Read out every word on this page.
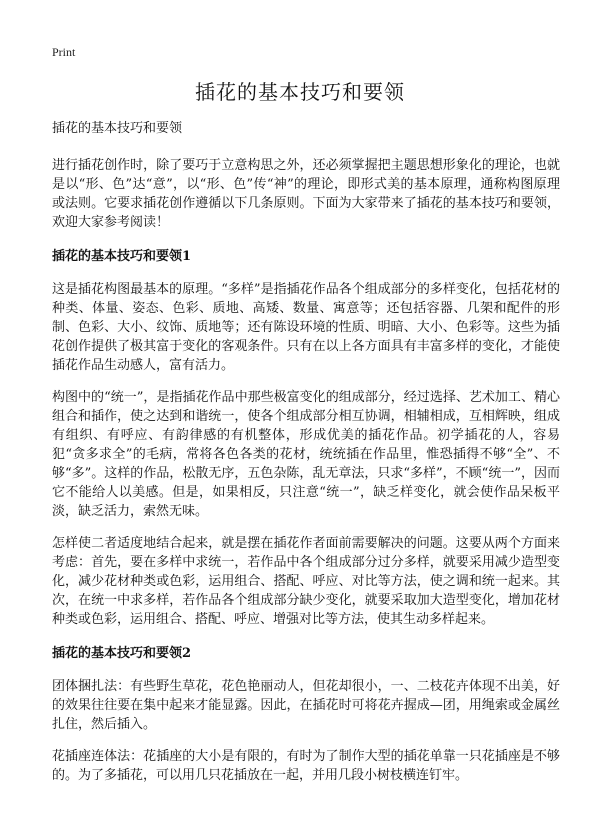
Print
插花的基本技巧和要领
插花的基本技巧和要领

进行插花创作时，除了要巧于立意构思之外，还必须掌握把主题思想形象化的理论，也就是以“形、色”达“意”，以“形、色”传“神”的理论，即形式美的基本原理，通称构图原理或法则。它要求插花创作遵循以下几条原则。下面为大家带来了插花的基本技巧和要领，欢迎大家参考阅读！

插花的基本技巧和要领1

这是插花构图最基本的原理。“多样”是指插花作品各个组成部分的多样变化，包括花材的种类、体量、姿态、色彩、质地、高矮、数量、寓意等；还包括容器、几架和配件的形制、色彩、大小、纹饰、质地等；还有陈设环境的性质、明暗、大小、色彩等。这些为插花创作提供了极其富于变化的客观条件。只有在以上各方面具有丰富多样的变化，才能使插花作品生动感人，富有活力。

构图中的“统一”，是指插花作品中那些极富变化的组成部分，经过选择、艺术加工、精心组合和插作，使之达到和谐统一，使各个组成部分相互协调，相辅相成，互相辉映，组成有组织、有呼应、有韵律感的有机整体，形成优美的插花作品。初学插花的人，容易犯“贪多求全”的毛病，常将各色各类的花材，统统插在作品里，惟恐插得不够“全”、不够“多”。这样的作品，松散无序，五色杂陈，乱无章法，只求“多样”，不顾“统一”，因而它不能给人以美感。但是，如果相反，只注意“统一”，缺乏样变化，就会使作品呆板平淡，缺乏活力，索然无味。

怎样使二者适度地结合起来，就是摆在插花作者面前需要解决的问题。这要从两个方面来考虑：首先，要在多样中求统一，若作品中各个组成部分过分多样，就要采用减少造型变化，减少花材种类或色彩，运用组合、搭配、呼应、对比等方法，使之调和统一起来。其次，在统一中求多样，若作品各个组成部分缺少变化，就要采取加大造型变化，增加花材种类或色彩，运用组合、搭配、呼应、增强对比等方法，使其生动多样起来。

插花的基本技巧和要领2

团体捆扎法：有些野生草花，花色艳丽动人，但花却很小，一、二枝花卉体现不出美，好的效果往往要在集中起来才能显露。因此，在插花时可将花卉握成—团，用绳索或金属丝扎住，然后插入。

花插座连体法：花插座的大小是有限的，有时为了制作大型的插花单靠一只花插座是不够的。为了多插花，可以用几只花插放在一起，并用几段小树枝横连钉牢。
